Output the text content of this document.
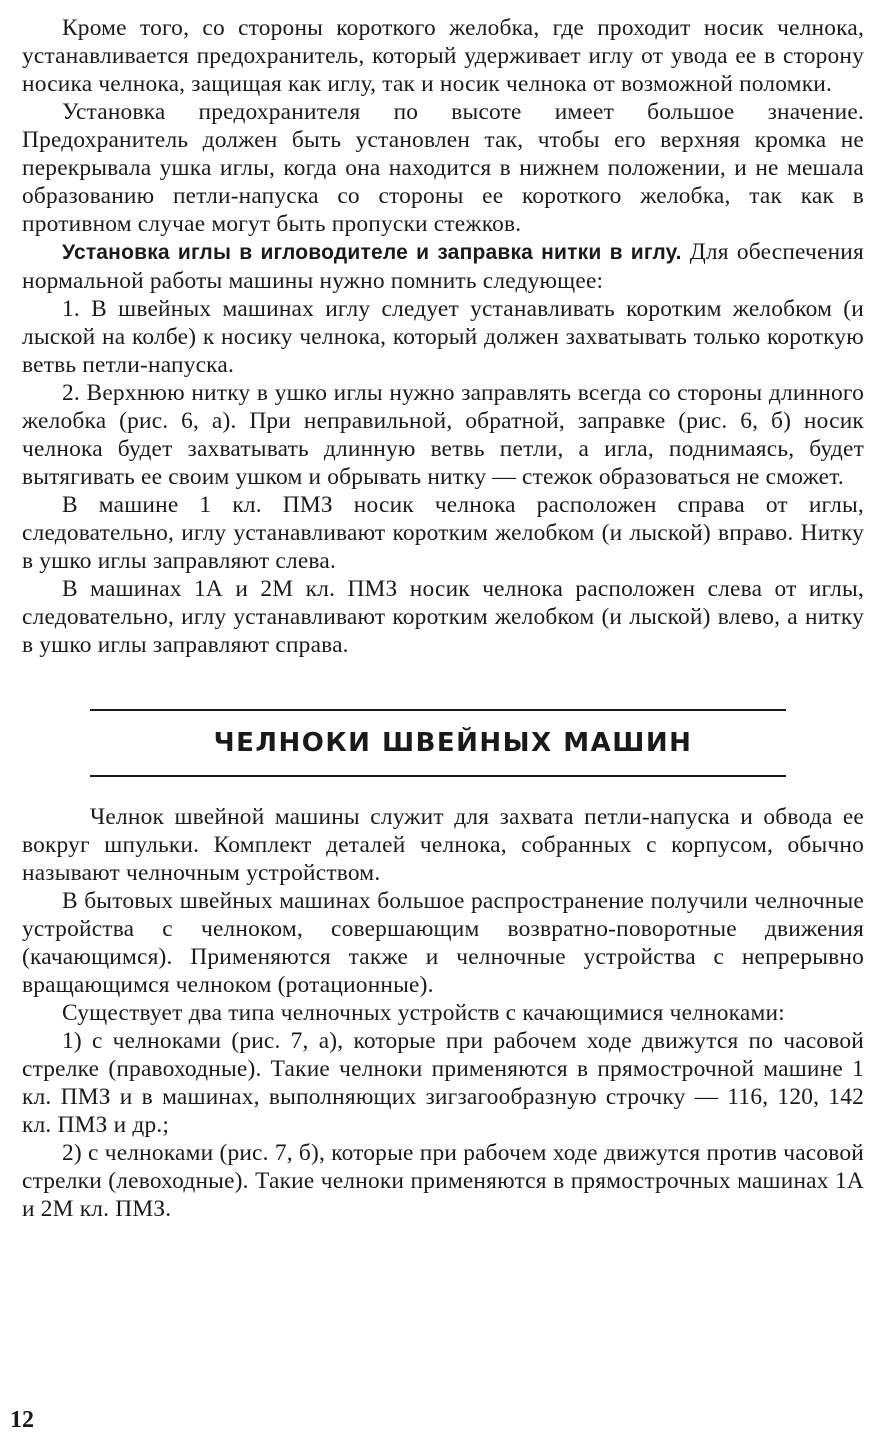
Кроме того, со стороны короткого желобка, где проходит носик челнока, устанавливается предохранитель, который удерживает иглу от увода ее в сторону носика челнока, защищая как иглу, так и носик челнока от возможной поломки.

Установка предохранителя по высоте имеет большое значение. Предохранитель должен быть установлен так, чтобы его верхняя кромка не перекрывала ушка иглы, когда она находится в нижнем положении, и не мешала образованию петли-напуска со стороны ее короткого желобка, так как в противном случае могут быть пропуски стежков.

Установка иглы в игловодителе и заправка нитки в иглу. Для обеспечения нормальной работы машины нужно помнить следующее:

1. В швейных машинах иглу следует устанавливать коротким желобком (и лыской на колбе) к носику челнока, который должен захватывать только короткую ветвь петли-напуска.

2. Верхнюю нитку в ушко иглы нужно заправлять всегда со стороны длинного желобка (рис. 6, а). При неправильной, обратной, заправке (рис. 6, б) носик челнока будет захватывать длинную ветвь петли, а игла, поднимаясь, будет вытягивать ее своим ушком и обрывать нитку — стежок образоваться не сможет.

В машине 1 кл. ПМЗ носик челнока расположен справа от иглы, следовательно, иглу устанавливают коротким желобком (и лыской) вправо. Нитку в ушко иглы заправляют слева.

В машинах 1А и 2М кл. ПМЗ носик челнока расположен слева от иглы, следовательно, иглу устанавливают коротким желобком (и лыской) влево, а нитку в ушко иглы заправляют справа.

ЧЕЛНОКИ ШВЕЙНЫХ МАШИН

Челнок швейной машины служит для захвата петли-напуска и обвода ее вокруг шпульки. Комплект деталей челнока, собранных с корпусом, обычно называют челночным устройством.

В бытовых швейных машинах большое распространение получили челночные устройства с челноком, совершающим возвратно-поворотные движения (качающимся). Применяются также и челночные устройства с непрерывно вращающимся челноком (ротационные).

Существует два типа челночных устройств с качающимися челноками:

1) с челноками (рис. 7, а), которые при рабочем ходе движутся по часовой стрелке (правоходные). Такие челноки применяются в прямострочной машине 1 кл. ПМЗ и в машинах, выполняющих зигзагообразную строчку — 116, 120, 142 кл. ПМЗ и др.;

2) с челноками (рис. 7, б), которые при рабочем ходе движутся против часовой стрелки (левоходные). Такие челноки применяются в прямострочных машинах 1А и 2М кл. ПМЗ.

12
